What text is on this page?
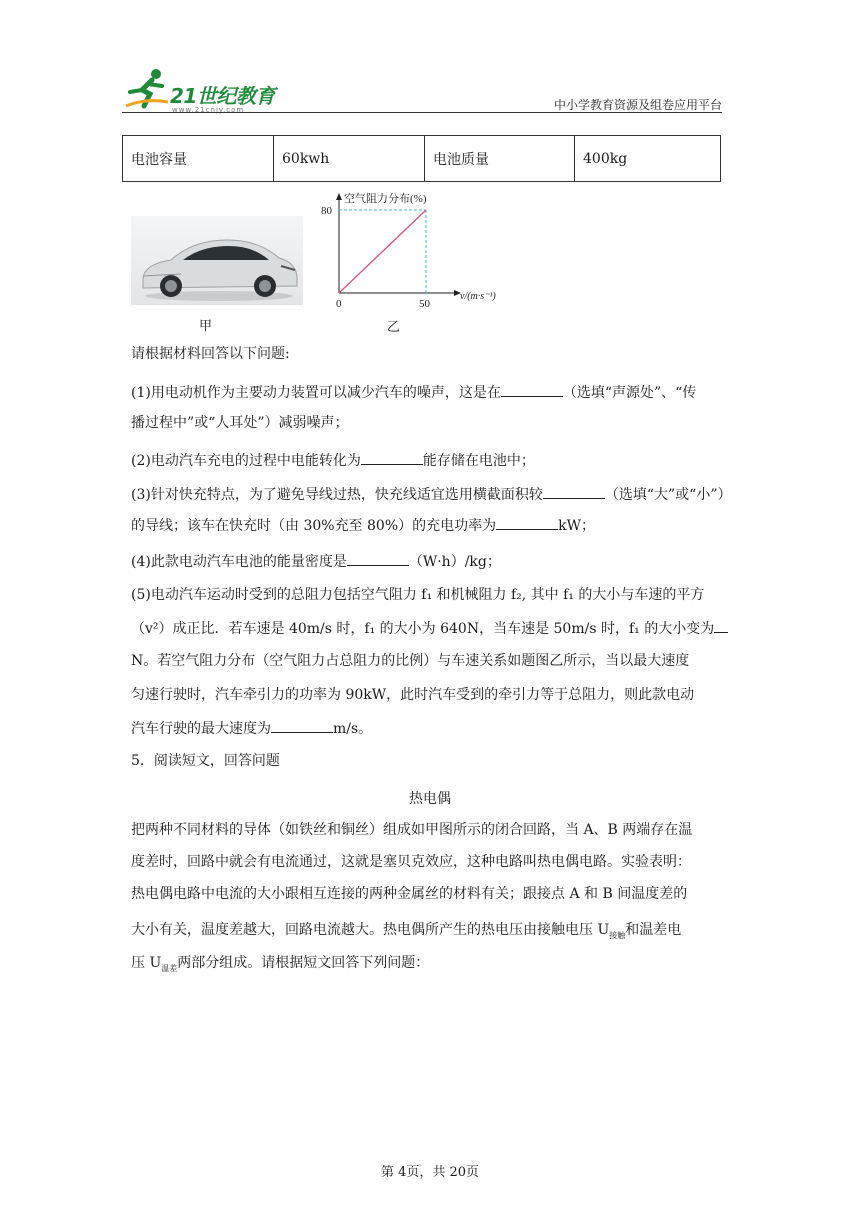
21世纪教育
www.21cnjy.com	中小学教育资源及组卷应用平台
电池容量	60kwh	电池质量	400kg
甲
空气阻力分布(%)
v/(m·s⁻¹)
80
0	50
乙
请根据材料回答以下问题:
(1)用电动机作为主要动力装置可以减少汽车的噪声，这是在	（选填“声源处”、“传
播过程中”或“人耳处”）减弱噪声；
(2)电动汽车充电的过程中电能转化为	能存储在电池中；
(3)针对快充特点，为了避免导线过热，快充线适宜选用横截面积较	（选填“大”或“小”）
的导线；该车在快充时（由 30%充至 80%）的充电功率为	kW；
(4)此款电动汽车电池的能量密度是	（W·h）/kg；
(5)电动汽车运动时受到的总阻力包括空气阻力 f₁ 和机械阻力 f₂, 其中 f₁ 的大小与车速的平方
（v²）成正比．若车速是 40m/s 时，f₁ 的大小为 640N，当车速是 50m/s 时，f₁ 的大小变为
N。若空气阻力分布（空气阻力占总阻力的比例）与车速关系如题图乙所示，当以最大速度
匀速行驶时，汽车牵引力的功率为 90kW，此时汽车受到的牵引力等于总阻力，则此款电动
汽车行驶的最大速度为	m/s。
5．阅读短文，回答问题
热电偶
把两种不同材料的导体（如铁丝和铜丝）组成如甲图所示的闭合回路，当 A、B 两端存在温
度差时，回路中就会有电流通过，这就是塞贝克效应，这种电路叫热电偶电路。实验表明：
热电偶电路中电流的大小跟相互连接的两种金属丝的材料有关；跟接点 A 和 B 间温度差的
大小有关，温度差越大，回路电流越大。热电偶所产生的热电压由接触电压 $U_{接触}$和温差电
压 $U_{温差}$两部分组成。请根据短文回答下列问题：
第 4页，共 20页
